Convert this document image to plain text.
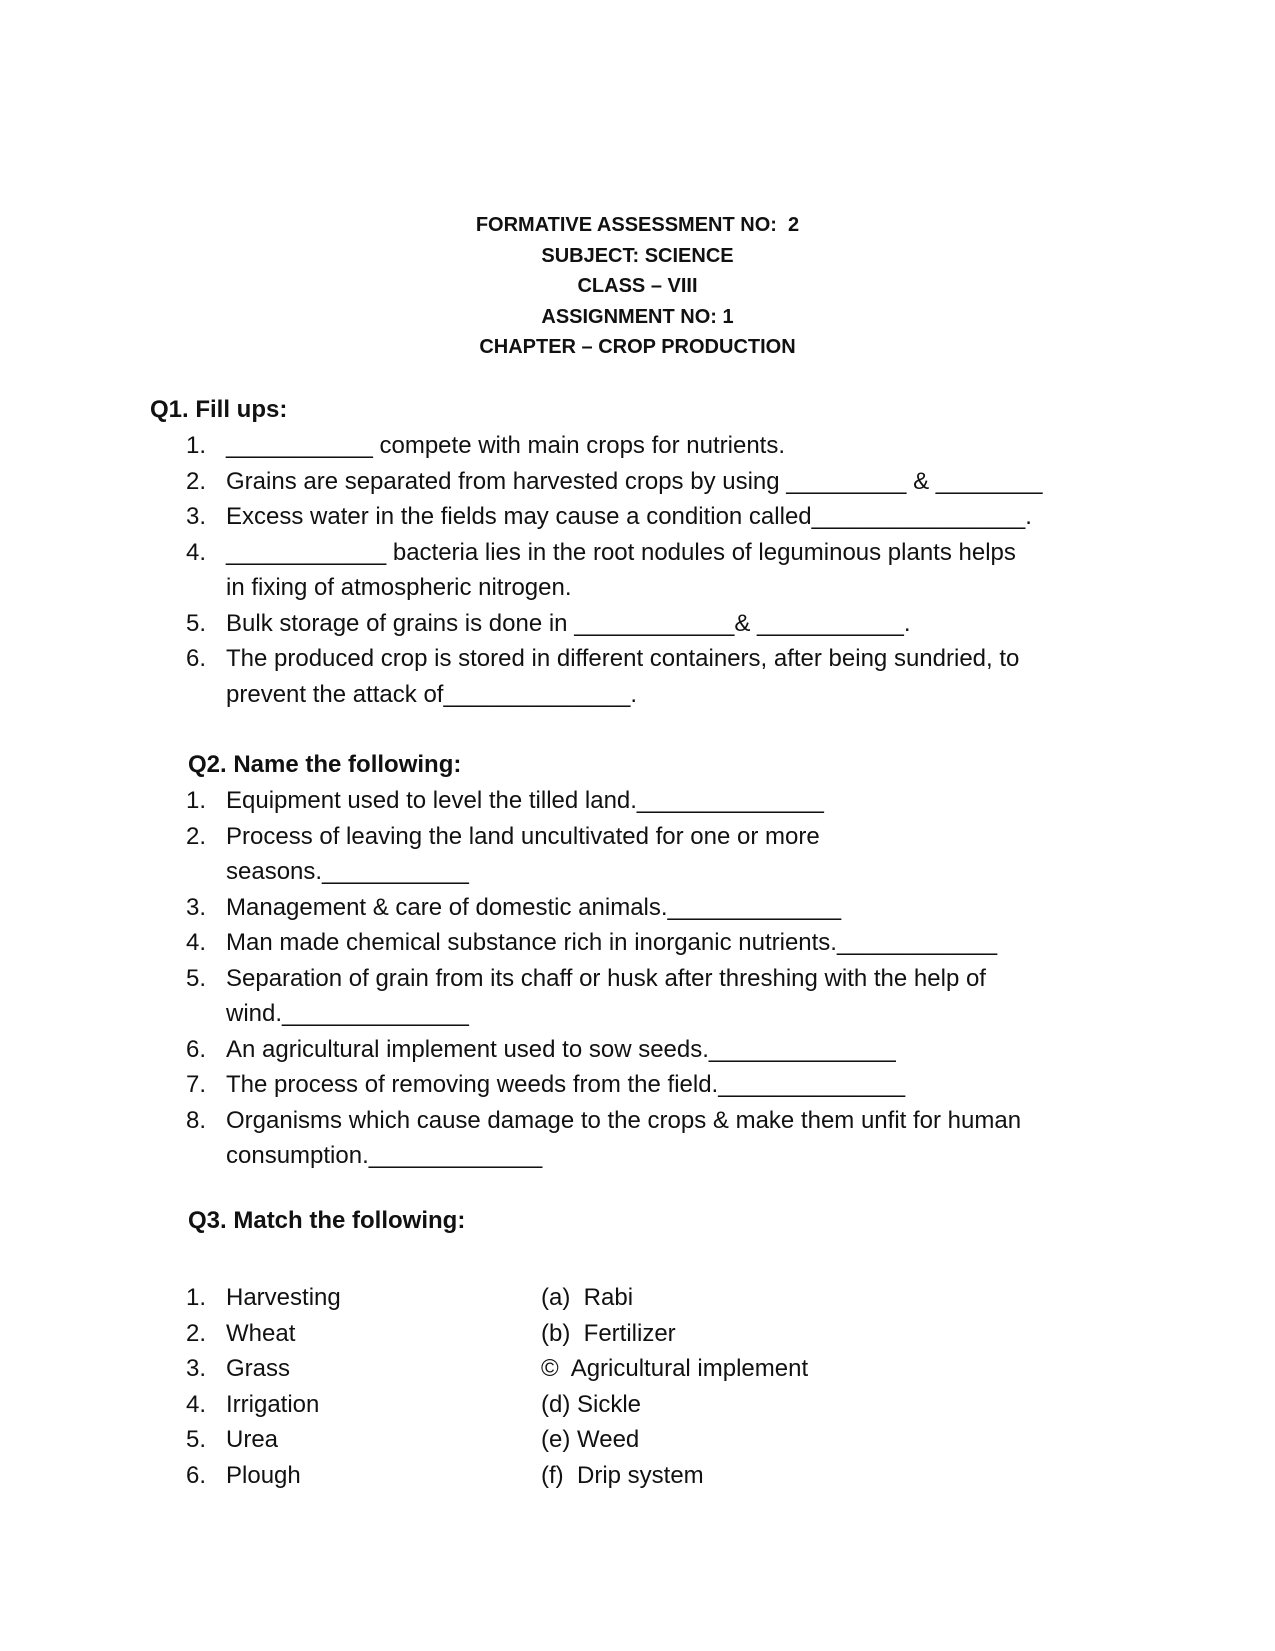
FORMATIVE ASSESSMENT NO:  2
SUBJECT: SCIENCE
CLASS – VIII
ASSIGNMENT NO: 1
CHAPTER – CROP PRODUCTION
Q1. Fill ups:
1. ___________ compete with main crops for nutrients.
2. Grains are separated from harvested crops by using _________ & ________
3. Excess water in the fields may cause a condition called________________.
4. ____________ bacteria lies in the root nodules of leguminous plants helps
in fixing of atmospheric nitrogen.
5. Bulk storage of grains is done in ____________& ___________.
6. The produced crop is stored in different containers, after being sundried, to
prevent the attack of______________.
Q2. Name the following:
1. Equipment used to level the tilled land.______________
2. Process of leaving the land uncultivated for one or more
seasons.___________
3. Management & care of domestic animals._____________
4. Man made chemical substance rich in inorganic nutrients.____________
5. Separation of grain from its chaff or husk after threshing with the help of
wind.______________
6. An agricultural implement used to sow seeds.______________
7. The process of removing weeds from the field.______________
8. Organisms which cause damage to the crops & make them unfit for human
consumption._____________
Q3. Match the following:
1. Harvesting
2. Wheat
3. Grass
4. Irrigation
5. Urea
6. Plough
(a)  Rabi
(b)  Fertilizer
©  Agricultural implement
(d) Sickle
(e) Weed
(f)  Drip system
